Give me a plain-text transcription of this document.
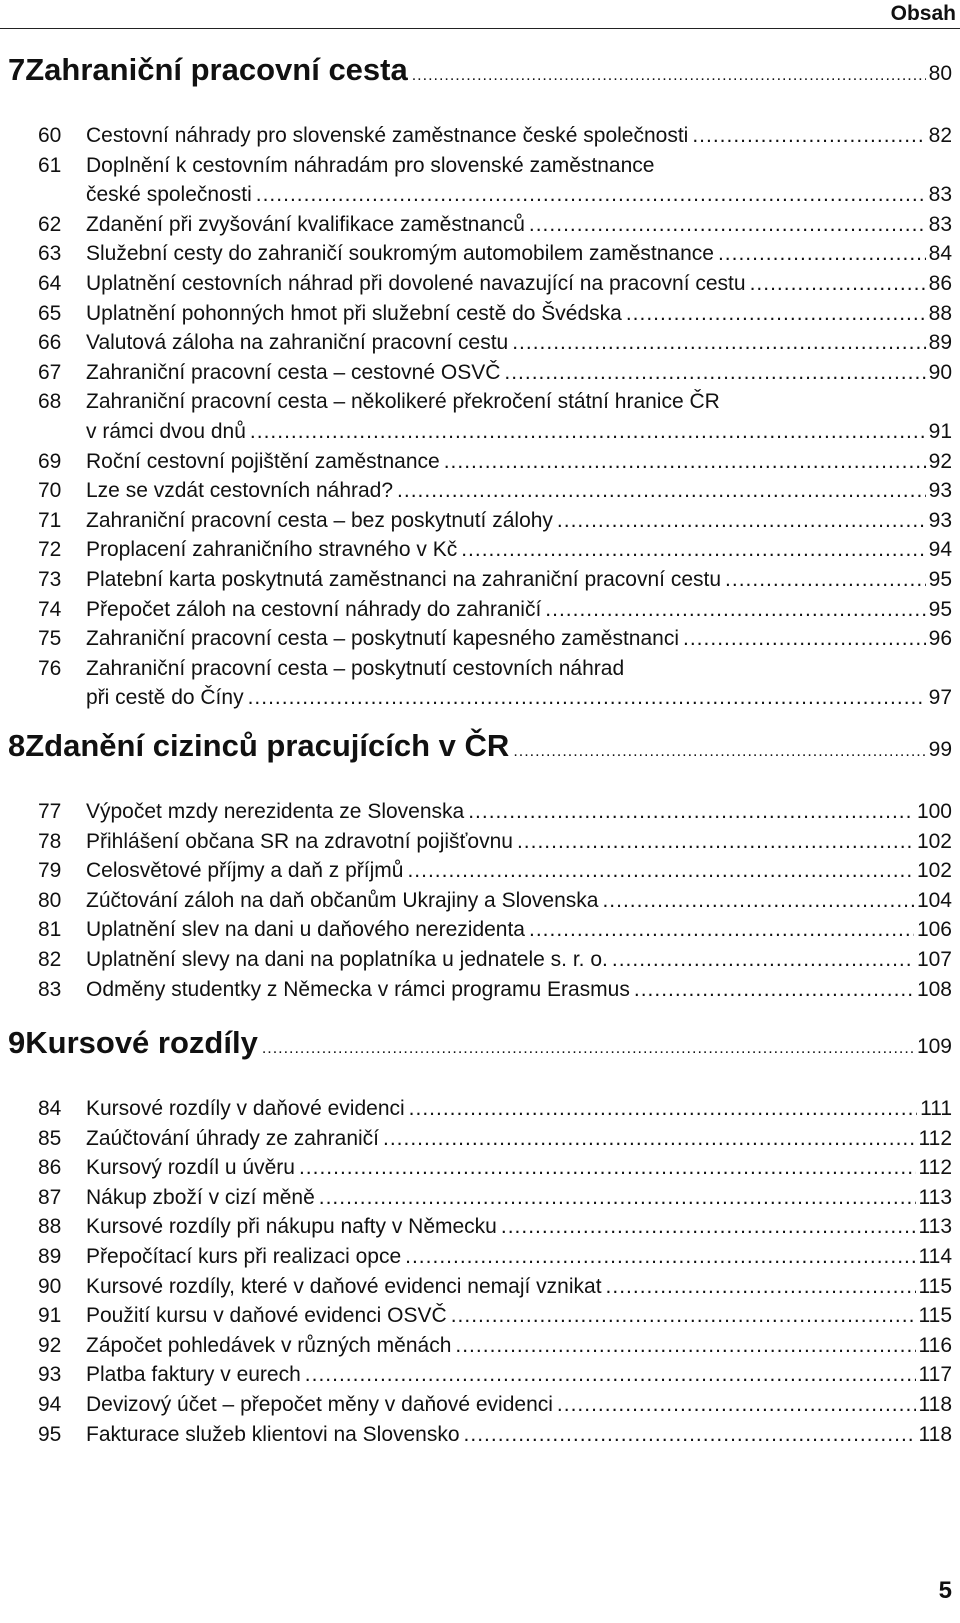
Obsah
7 Zahraniční pracovní cesta .....	80
60 Cestovní náhrady pro slovenské zaměstnance české společnosti .....	82
61 Doplnění k cestovním náhradám pro slovenské zaměstnance
české společnosti .....	83
62 Zdanění při zvyšování kvalifikace zaměstnanců .....	83
63 Služební cesty do zahraničí soukromým automobilem zaměstnance .....	84
64 Uplatnění cestovních náhrad při dovolené navazující na pracovní cestu .....	86
65 Uplatnění pohonných hmot při služební cestě do Švédska .....	88
66 Valutová záloha na zahraniční pracovní cestu .....	89
67 Zahraniční pracovní cesta – cestovné OSVČ .....	90
68 Zahraniční pracovní cesta – několikeré překročení státní hranice ČR
v rámci dvou dnů .....	91
69 Roční cestovní pojištění zaměstnance .....	92
70 Lze se vzdát cestovních náhrad? .....	93
71 Zahraniční pracovní cesta – bez poskytnutí zálohy .....	93
72 Proplacení zahraničního stravného v Kč .....	94
73 Platební karta poskytnutá zaměstnanci na zahraniční pracovní cestu .....	95
74 Přepočet záloh na cestovní náhrady do zahraničí .....	95
75 Zahraniční pracovní cesta – poskytnutí kapesného zaměstnanci .....	96
76 Zahraniční pracovní cesta – poskytnutí cestovních náhrad
při cestě do Číny .....	97
8 Zdanění cizinců pracujících v ČR .....	99
77 Výpočet mzdy nerezidenta ze Slovenska .....	100
78 Přihlášení občana SR na zdravotní pojišťovnu .....	102
79 Celosvětové příjmy a daň z příjmů .....	102
80 Zúčtování záloh na daň občanům Ukrajiny a Slovenska .....	104
81 Uplatnění slev na dani u daňového nerezidenta .....	106
82 Uplatnění slevy na dani na poplatníka u jednatele s. r. o. .....	107
83 Odměny studentky z Německa v rámci programu Erasmus .....	108
9 Kursové rozdíly .....	109
84 Kursové rozdíly v daňové evidenci .....	111
85 Zaúčtování úhrady ze zahraničí .....	112
86 Kursový rozdíl u úvěru .....	112
87 Nákup zboží v cizí měně .....	113
88 Kursové rozdíly při nákupu nafty v Německu .....	113
89 Přepočítací kurs při realizaci opce .....	114
90 Kursové rozdíly, které v daňové evidenci nemají vznikat .....	115
91 Použití kursu v daňové evidenci OSVČ .....	115
92 Zápočet pohledávek v různých měnách .....	116
93 Platba faktury v eurech .....	117
94 Devizový účet – přepočet měny v daňové evidenci .....	118
95 Fakturace služeb klientovi na Slovensko .....	118
5
